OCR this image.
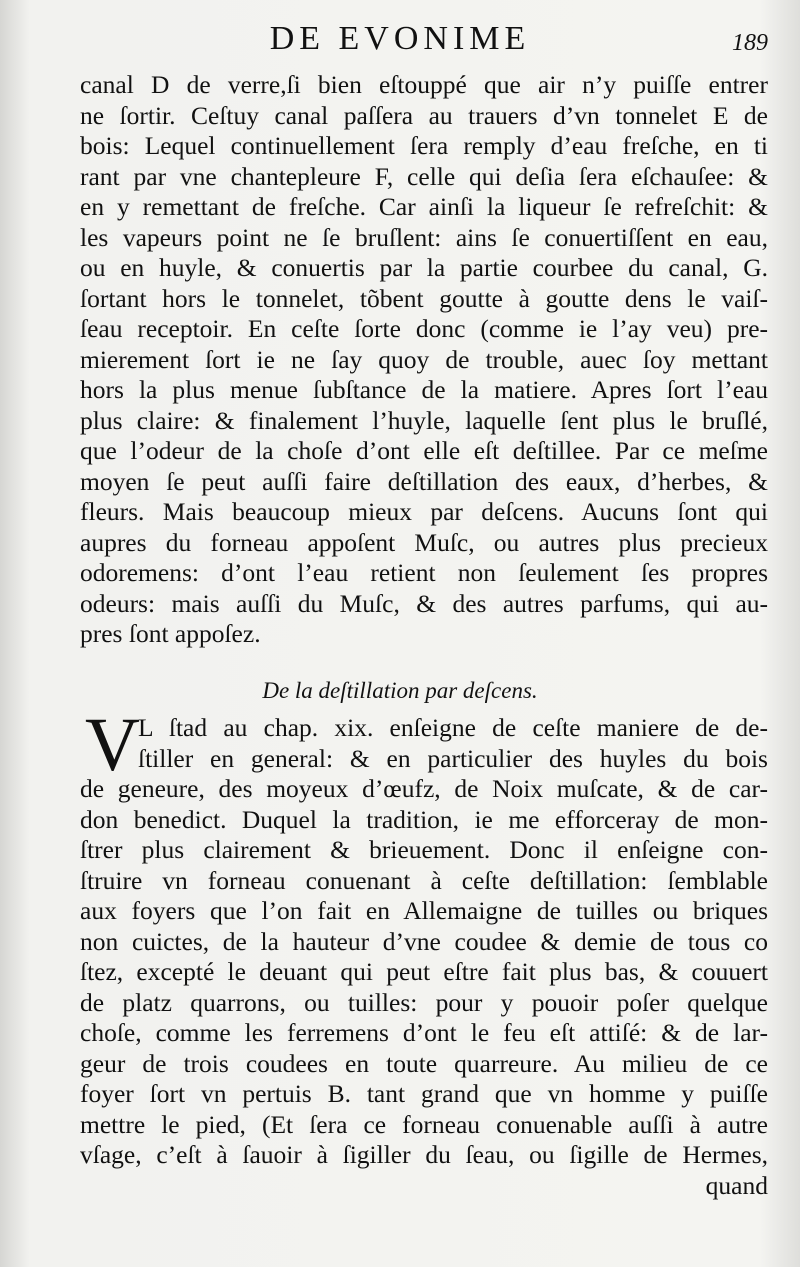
DE EVONIME	189
canal D de verre,ſi bien eſtouppé que air n’y puiſſe entrer
ne ſortir. Ceſtuy canal paſſera au trauers d’vn tonnelet E de
bois: Lequel continuellement ſera remply d’eau freſche, en ti
rant par vne chantepleure F, celle qui deſia ſera eſchauſee: &
en y remettant de freſche. Car ainſi la liqueur ſe refreſchit: &
les vapeurs point ne ſe bruſlent: ains ſe conuertiſſent en eau,
ou en huyle, & conuertis par la partie courbee du canal, G.
ſortant hors le tonnelet, tõbent goutte à goutte dens le vaiſ-
ſeau receptoir. En ceſte ſorte donc (comme ie l’ay veu) pre-
mierement ſort ie ne ſay quoy de trouble, auec ſoy mettant
hors la plus menue ſubſtance de la matiere. Apres ſort l’eau
plus claire: & finalement l’huyle, laquelle ſent plus le bruſlé,
que l’odeur de la choſe d’ont elle eſt deſtillee. Par ce meſme
moyen ſe peut auſſi faire deſtillation des eaux, d’herbes, &
fleurs. Mais beaucoup mieux par deſcens. Aucuns ſont qui
aupres du forneau appoſent Muſc, ou autres plus precieux
odoremens: d’ont l’eau retient non ſeulement ſes propres
odeurs: mais auſſi du Muſc, & des autres parfums, qui au-
pres ſont appoſez.
De la deſtillation par deſcens.
V
L ſtad au chap. xix. enſeigne de ceſte maniere de de-
ſtiller en general: & en particulier des huyles du bois
de geneure, des moyeux d’œufz, de Noix muſcate, & de car-
don benedict. Duquel la tradition, ie me efforceray de mon-
ſtrer plus clairement & brieuement. Donc il enſeigne con-
ſtruire vn forneau conuenant à ceſte deſtillation: ſemblable
aux foyers que l’on fait en Allemaigne de tuilles ou briques
non cuictes, de la hauteur d’vne coudee & demie de tous co
ſtez, excepté le deuant qui peut eſtre fait plus bas, & couuert
de platz quarrons, ou tuilles: pour y pouoir poſer quelque
choſe, comme les ferremens d’ont le feu eſt attiſé: & de lar-
geur de trois coudees en toute quarreure. Au milieu de ce
foyer ſort vn pertuis B. tant grand que vn homme y puiſſe
mettre le pied, (Et ſera ce forneau conuenable auſſi à autre
vſage, c’eſt à ſauoir à ſigiller du ſeau, ou ſigille de Hermes,
quand
